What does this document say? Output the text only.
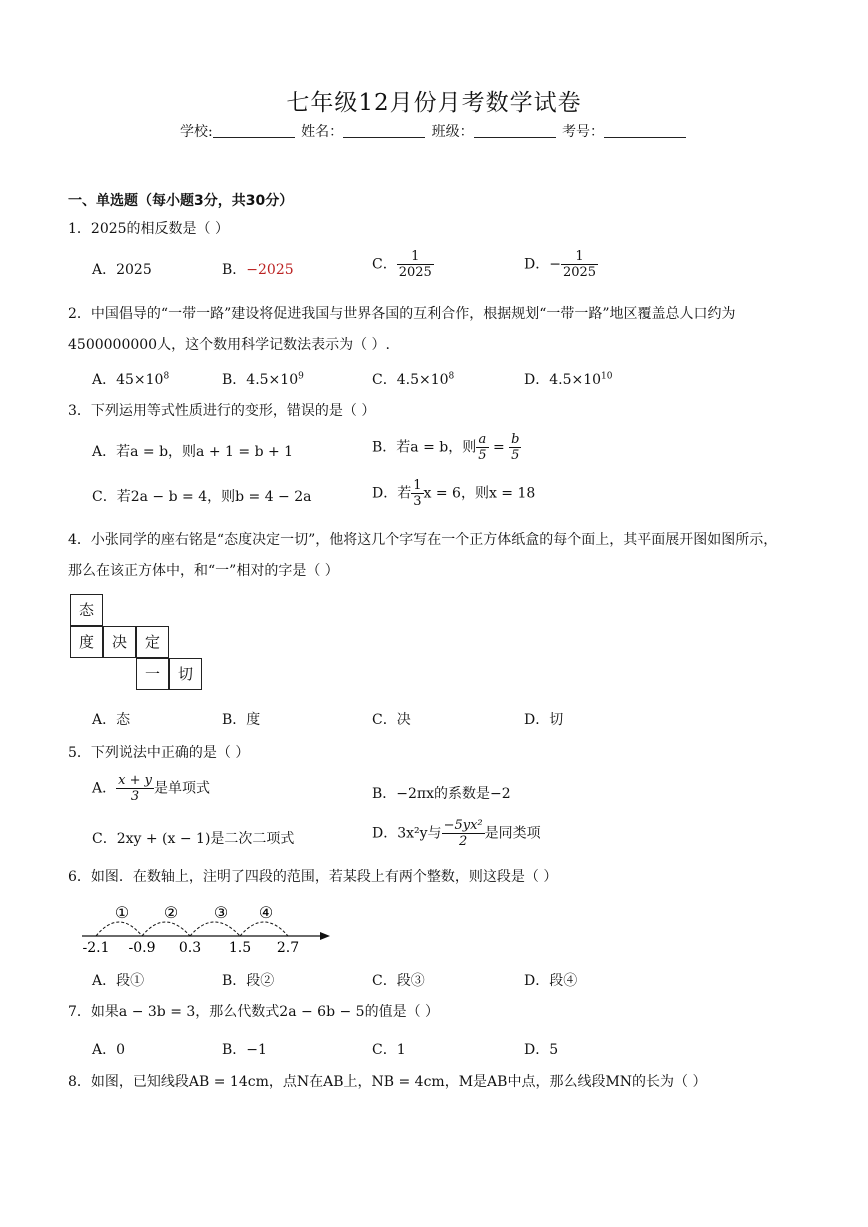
七年级12月份月考数学试卷
学校:	姓名：	班级：	考号：
一、单选题（每小题3分，共30分）
1．2025的相反数是（ ）
A．2025	B．−2025	C． $\frac{1}{2025}$	D．− $\frac{1}{2025}$
2．中国倡导的“一带一路”建设将促进我国与世界各国的互利合作，根据规划“一带一路”地区覆盖总人口约为4500000000人，这个数用科学记数法表示为（ ）.
A．$45\times 10^8$	B．$4.5\times 10^9$	C．$4.5\times 10^8$	D．$4.5\times 10^{10}$
3．下列运用等式性质进行的变形，错误的是（ ）
A．若a = b，则a + 1 = b + 1	B．若a = b，则 $\frac{a}{5} = \frac{b}{5}$
C．若2a − b = 4，则b = 4 − 2a	D．若 $\frac{1}{3}$ x = 6，则x = 18
4．小张同学的座右铭是“态度决定一切”，他将这几个字写在一个正方体纸盒的每个面上，其平面展开图如图所示，那么在该正方体中，和“一”相对的字是（ ）
态
度	决	定
一	切
A．态	B．度	C．决	D．切
5．下列说法中正确的是（ ）
A． $\frac{x + y}{3}$ 是单项式	B．−2πx的系数是−2
C．2xy + (x − 1)是二次二项式	D．3x²y与 $\frac{\text{−5yx²}}{2}$ 是同类项
6．如图．在数轴上，注明了四段的范围，若某段上有两个整数，则这段是（ ）
① ② ③ ④
-2.1 -0.9 0.3 1.5 2.7
A．段①	B．段②	C．段③	D．段④
7．如果a − 3b = 3，那么代数式2a − 6b − 5的值是（ ）
A．0	B．−1	C．1	D．5
8．如图，已知线段AB = 14cm，点N在AB上，NB = 4cm，M是AB中点，那么线段MN的长为（ ）
